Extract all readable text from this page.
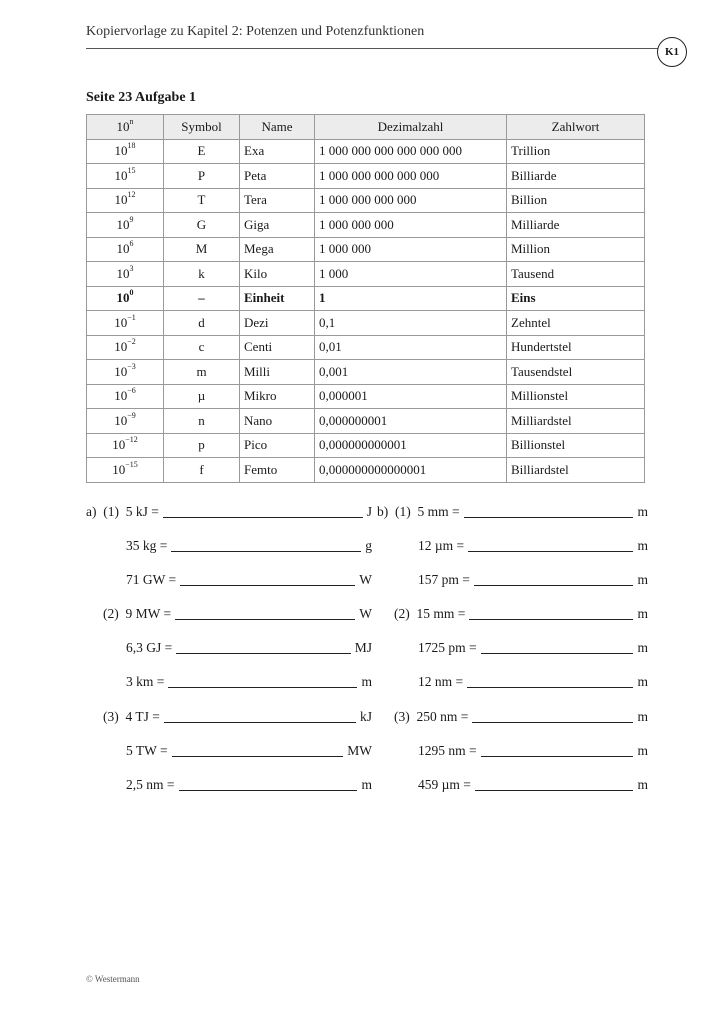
Kopiervorlage zu Kapitel 2: Potenzen und Potenzfunktionen
K1
Seite 23 Aufgabe 1
10$^n$	Symbol	Name	Dezimalzahl	Zahlwort
$10^{18}$	E	Exa	1 000 000 000 000 000 000	Trillion
$10^{15}$	P	Peta	1 000 000 000 000 000	Billiarde
$10^{12}$	T	Tera	1 000 000 000 000	Billion
$10^9$	G	Giga	1 000 000 000	Milliarde
$10^6$	M	Mega	1 000 000	Million
$10^3$	k	Kilo	1 000	Tausend
$10^0$	–	Einheit	1	Eins
$10^{-1}$	d	Dezi	0,1	Zehntel
$10^{-2}$	c	Centi	0,01	Hundertstel
$10^{-3}$	m	Milli	0,001	Tausendstel
$10^{-6}$	µ	Mikro	0,000001	Millionstel
$10^{-9}$	n	Nano	0,000000001	Milliardstel
$10^{-12}$	p	Pico	0,000000000001	Billionstel
$10^{-15}$	f	Femto	0,000000000000001	Billiardstel
a)  (1)  5 kJ =	J
35 kg =	g
71 GW =	W
(2)  9 MW =	W
6,3 GJ =	MJ
3 km =	m
(3)  4 TJ =	kJ
5 TW =	MW
2,5 nm =	m
b)  (1)  5 mm =	m
12 µm =	m
157 pm =	m
(2)  15 mm =	m
1725 pm =	m
12 nm =	m
(3)  250 nm =	m
1295 nm =	m
459 µm =	m
© Westermann
